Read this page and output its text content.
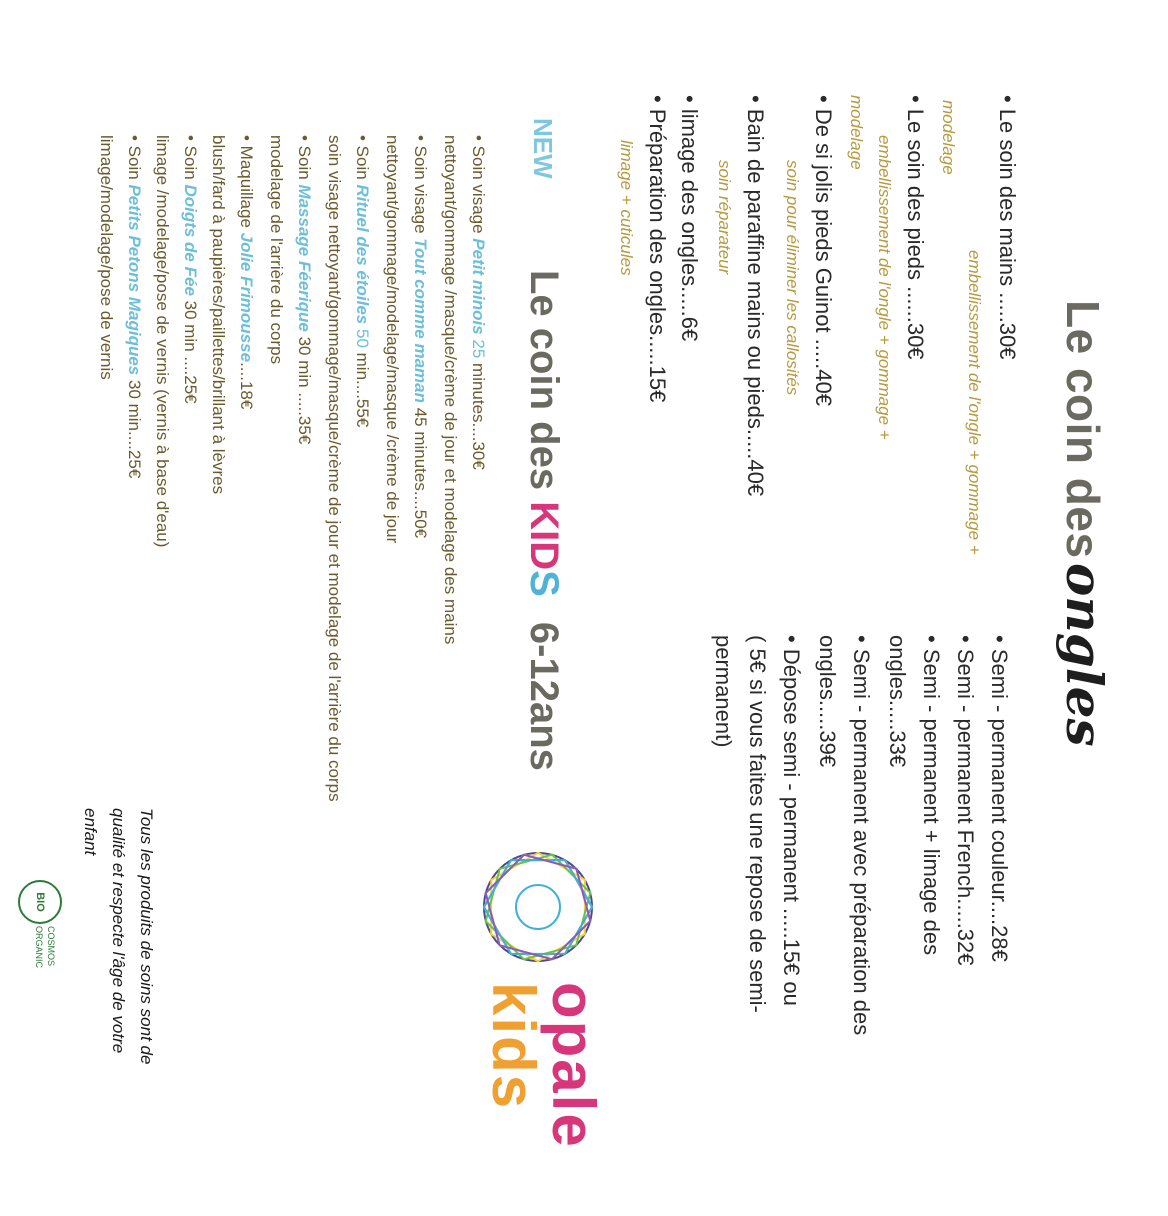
Le coin des ongles
• Le soin des mains .....30€
embellissement de l'ongle + gommage +
modelage
• Le soin des pieds ......30€
embellissement de l'ongle + gommage +
modelage
• De si jolis pieds Guinot .....40€
soin pour éliminer les callosités
• Bain de paraffine mains ou pieds.....40€
soin réparateur
• limage des ongles.....6€
• Préparation des ongles.....15€
limage + cuticules
• Semi - permanent couleur....28€
• Semi - permanent French.....32€
• Semi - permanent + limage des
ongles.....33€
• Semi - permanent avec préparation des
ongles.....39€
• Dépose semi - permanent .....15€ ou
( 5€ si vous faites une repose de semi-
permanent)
NEW
Le coin des KIDS 6-12ans
• Soin visage Petit minois 25 minutes....30€
nettoyant/gommage /masque/crème de jour et modelage des mains
• Soin visage Tout comme maman 45 minutes....50€
nettoyant/gommage/modelage/masque /crème de jour
• Soin Rituel des étoiles 50 min....55€
soin visage nettoyant/gommage/masque/crème de jour et modelage de l'arrière du corps
• Soin Massage Féerique 30 min .....35€
modelage de l'arrière du corps
• Maquillage Jolie Frimousse....18€
blush/fard à paupières/paillettes/brillant à lèvres
• Soin Doigts de Fée 30 min ....25€
limage /modelage/pose de vernis (vernis à base d'eau)
• Soin Petits Petons Magiques 30 min....25€
limage/modelage/pose de vernis
opale
kids
Tous les produits de soins sont de
qualité et respecte l'âge de votre
enfant
BIO
COSMOS
ORGANIC
